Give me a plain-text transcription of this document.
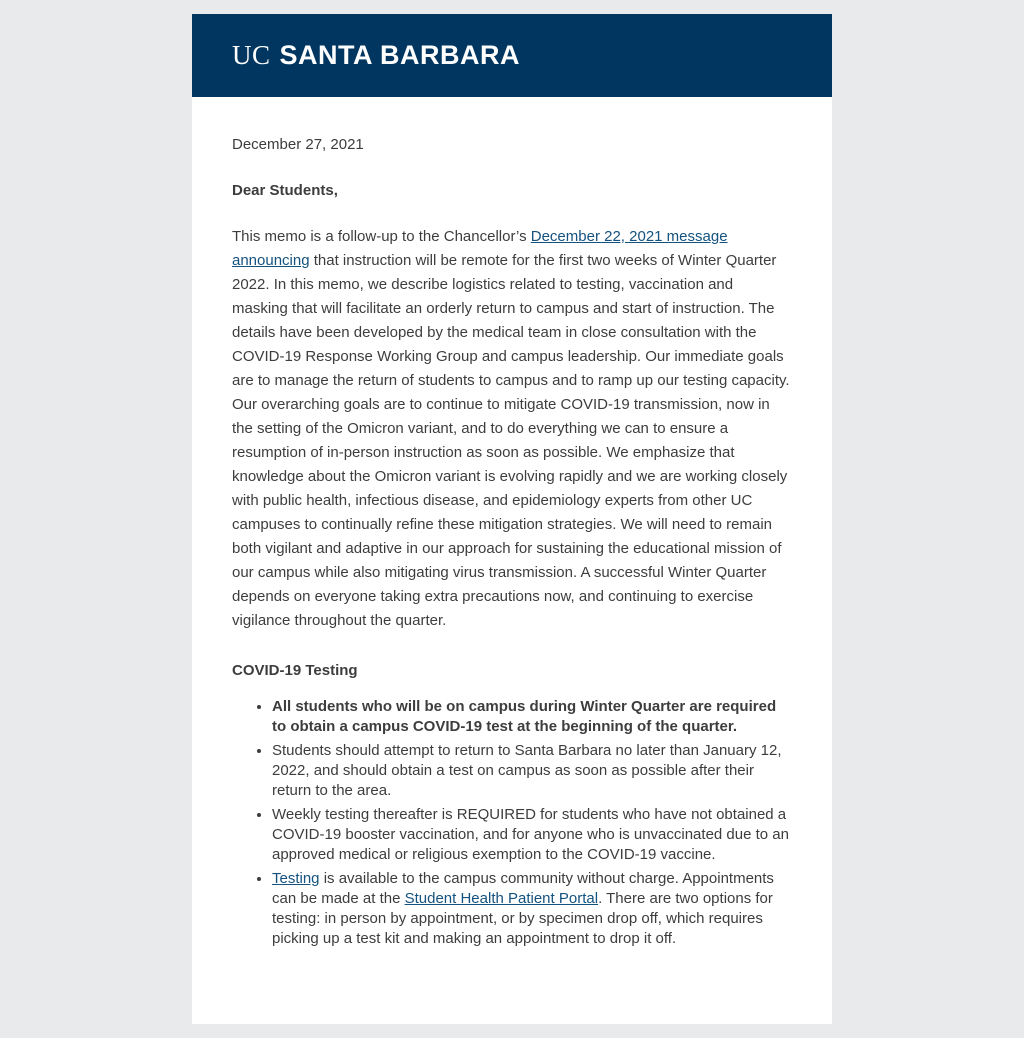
UC SANTA BARBARA

December 27, 2021

Dear Students,

This memo is a follow-up to the Chancellor’s December 22, 2021 message announcing that instruction will be remote for the first two weeks of Winter Quarter 2022. In this memo, we describe logistics related to testing, vaccination and masking that will facilitate an orderly return to campus and start of instruction. The details have been developed by the medical team in close consultation with the COVID-19 Response Working Group and campus leadership. Our immediate goals are to manage the return of students to campus and to ramp up our testing capacity. Our overarching goals are to continue to mitigate COVID-19 transmission, now in the setting of the Omicron variant, and to do everything we can to ensure a resumption of in-person instruction as soon as possible. We emphasize that knowledge about the Omicron variant is evolving rapidly and we are working closely with public health, infectious disease, and epidemiology experts from other UC campuses to continually refine these mitigation strategies. We will need to remain both vigilant and adaptive in our approach for sustaining the educational mission of our campus while also mitigating virus transmission. A successful Winter Quarter depends on everyone taking extra precautions now, and continuing to exercise vigilance throughout the quarter.

COVID-19 Testing

• All students who will be on campus during Winter Quarter are required to obtain a campus COVID-19 test at the beginning of the quarter.
• Students should attempt to return to Santa Barbara no later than January 12, 2022, and should obtain a test on campus as soon as possible after their return to the area.
• Weekly testing thereafter is REQUIRED for students who have not obtained a COVID-19 booster vaccination, and for anyone who is unvaccinated due to an approved medical or religious exemption to the COVID-19 vaccine.
• Testing is available to the campus community without charge. Appointments can be made at the Student Health Patient Portal. There are two options for testing: in person by appointment, or by specimen drop off, which requires picking up a test kit and making an appointment to drop it off.
